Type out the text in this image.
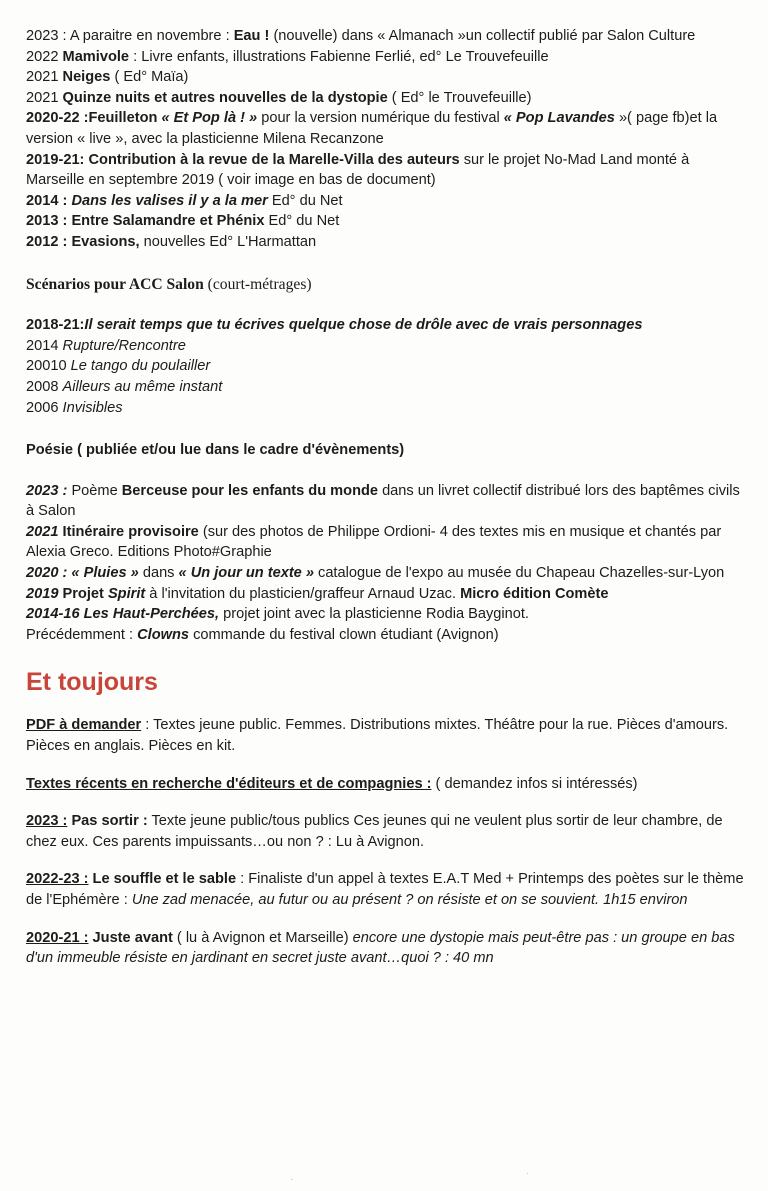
2023 : A paraitre en novembre : Eau ! (nouvelle) dans « Almanach »un collectif publié par Salon Culture
2022 Mamivole : Livre enfants, illustrations Fabienne Ferlié, ed° Le Trouvefeuille
2021 Neiges ( Ed° Maïa)
2021 Quinze nuits et autres nouvelles de la dystopie ( Ed° le Trouvefeuille)
2020-22 :Feuilleton « Et Pop là ! » pour la version numérique du festival « Pop Lavandes »( page fb)et la version « live », avec la plasticienne Milena Recanzone
2019-21: Contribution à la revue de la Marelle-Villa des auteurs sur le projet No-Mad Land monté à Marseille en septembre 2019 ( voir image en bas de document)
2014 : Dans les valises il y a la mer Ed° du Net
2013 : Entre Salamandre et Phénix Ed° du Net
2012 : Evasions, nouvelles Ed° L'Harmattan
Scénarios pour ACC Salon (court-métrages)
2018-21:Il serait temps que tu écrives quelque chose de drôle avec de vrais personnages
2014 Rupture/Rencontre
20010 Le tango du poulailler
2008 Ailleurs au même instant
2006 Invisibles
Poésie ( publiée et/ou lue dans le cadre d'évènements)
2023 : Poème Berceuse pour les enfants du monde dans un livret collectif distribué lors des baptêmes civils à Salon
2021 Itinéraire provisoire (sur des photos de Philippe Ordioni- 4 des textes mis en musique et chantés par Alexia Greco. Editions Photo#Graphie
2020 : « Pluies » dans « Un jour un texte » catalogue de l'expo au musée du Chapeau Chazelles-sur-Lyon
2019 Projet Spirit à l'invitation du plasticien/graffeur Arnaud Uzac. Micro édition Comète
2014-16 Les Haut-Perchées, projet joint avec la plasticienne Rodia Bayginot.
Précédemment : Clowns commande du festival clown étudiant (Avignon)
Et toujours
PDF à demander : Textes jeune public. Femmes. Distributions mixtes. Théâtre pour la rue. Pièces d'amours. Pièces en anglais. Pièces en kit.
Textes récents en recherche d'éditeurs et de compagnies : ( demandez infos si intéressés)
2023 : Pas sortir : Texte jeune public/tous publics Ces jeunes qui ne veulent plus sortir de leur chambre, de chez eux. Ces parents impuissants…ou non ? : Lu à Avignon.
2022-23 : Le souffle et le sable : Finaliste d'un appel à textes E.A.T Med + Printemps des poètes sur le thème de l'Ephémère : Une zad menacée, au futur ou au présent ? on résiste et on se souvient. 1h15 environ
2020-21 : Juste avant ( lu à Avignon et Marseille) encore une dystopie mais peut-être pas : un groupe en bas d'un immeuble résiste en jardinant en secret juste avant…quoi ? : 40 mn
·
·
